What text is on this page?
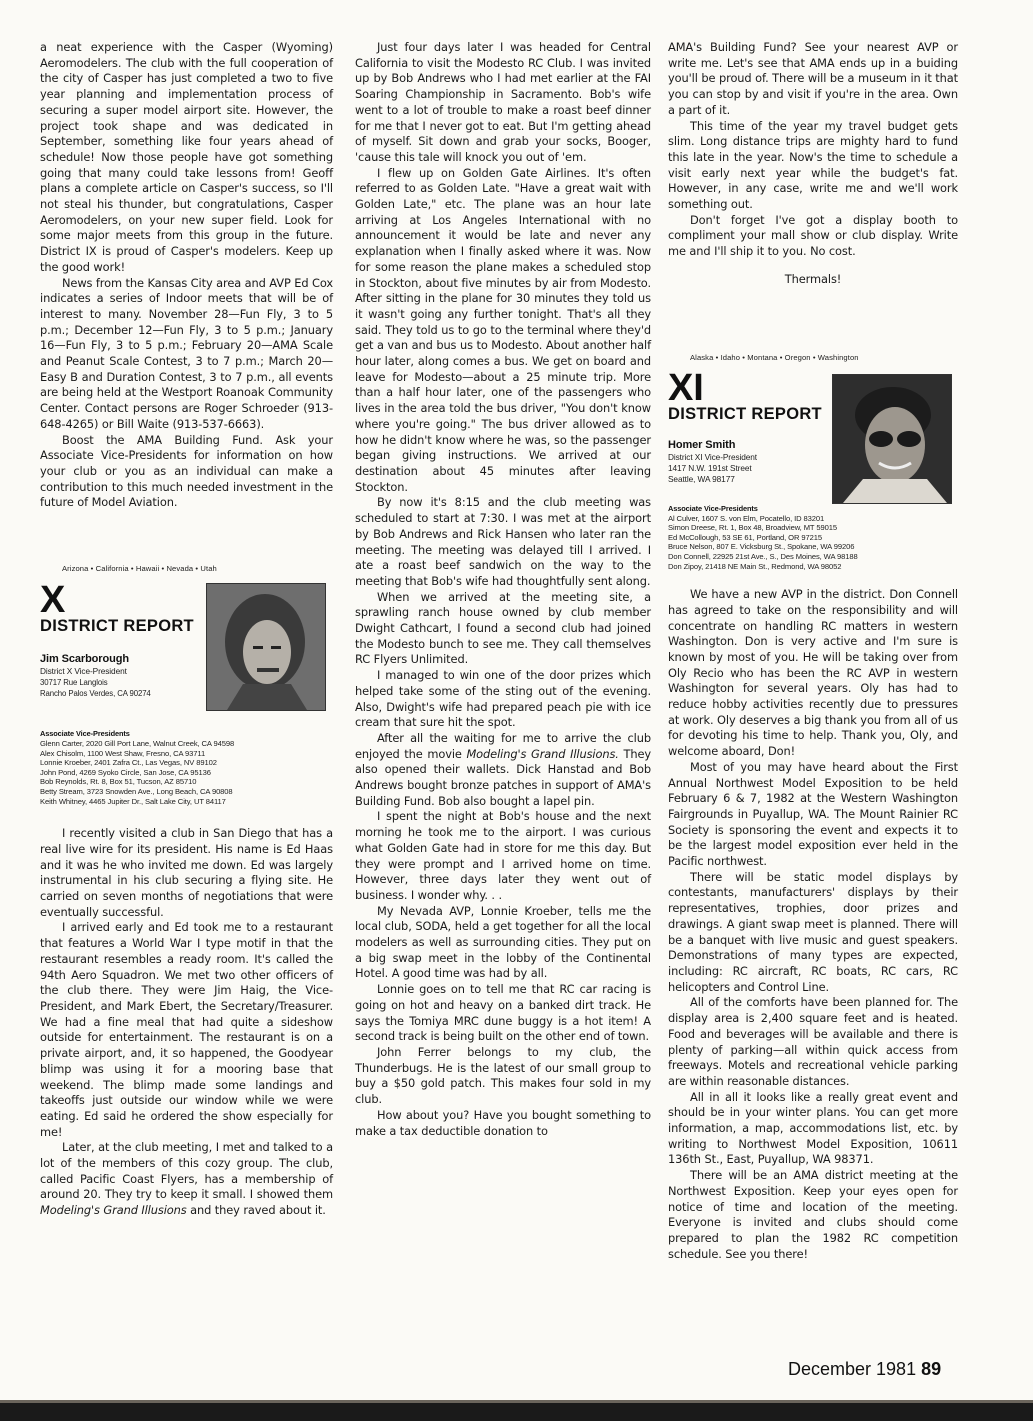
a neat experience with the Casper (Wyoming) Aeromodelers. The club with the full cooperation of the city of Casper has just completed a two to five year planning and implementation process of securing a super model airport site. However, the project took shape and was dedicated in September, something like four years ahead of schedule! Now those people have got something going that many could take lessons from! Geoff plans a complete article on Casper's success, so I'll not steal his thunder, but congratulations, Casper Aeromodelers, on your new super field. Look for some major meets from this group in the future. District IX is proud of Casper's modelers. Keep up the good work!

News from the Kansas City area and AVP Ed Cox indicates a series of Indoor meets that will be of interest to many. November 28—Fun Fly, 3 to 5 p.m.; December 12—Fun Fly, 3 to 5 p.m.; January 16—Fun Fly, 3 to 5 p.m.; February 20—AMA Scale and Peanut Scale Contest, 3 to 7 p.m.; March 20—Easy B and Duration Contest, 3 to 7 p.m., all events are being held at the Westport Roanoak Community Center. Contact persons are Roger Schroeder (913-648-4265) or Bill Waite (913-537-6663).

Boost the AMA Building Fund. Ask your Associate Vice-Presidents for information on how your club or you as an individual can make a contribution to this much needed investment in the future of Model Aviation.

Arizona • California • Hawaii • Nevada • Utah

X
DISTRICT REPORT
Jim Scarborough
District X Vice-President
30717 Rue Langlois
Rancho Palos Verdes, CA 90274
Associate Vice-Presidents
Glenn Carter, 2020 Gill Port Lane, Walnut Creek, CA 94598
Alex Chisolm, 1100 West Shaw, Fresno, CA 93711
Lonnie Kroeber, 2401 Zafra Ct., Las Vegas, NV 89102
John Pond, 4269 Syoko Circle, San Jose, CA 95136
Bob Reynolds, Rt. 8, Box 51, Tucson, AZ 85710
Betty Stream, 3723 Snowden Ave., Long Beach, CA 90808
Keith Whitney, 4465 Jupiter Dr., Salt Lake City, UT 84117

I recently visited a club in San Diego that has a real live wire for its president. His name is Ed Haas and it was he who invited me down. Ed was largely instrumental in his club securing a flying site. He carried on seven months of negotiations that were eventually successful.

I arrived early and Ed took me to a restaurant that features a World War I type motif in that the restaurant resembles a ready room. It's called the 94th Aero Squadron. We met two other officers of the club there. They were Jim Haig, the Vice-President, and Mark Ebert, the Secretary/Treasurer. We had a fine meal that had quite a sideshow outside for entertainment. The restaurant is on a private airport, and, it so happened, the Goodyear blimp was using it for a mooring base that weekend. The blimp made some landings and takeoffs just outside our window while we were eating. Ed said he ordered the show especially for me!

Later, at the club meeting, I met and talked to a lot of the members of this cozy group. The club, called Pacific Coast Flyers, has a membership of around 20. They try to keep it small. I showed them Modeling's Grand Illusions and they raved about it.

Just four days later I was headed for Central California to visit the Modesto RC Club. I was invited up by Bob Andrews who I had met earlier at the FAI Soaring Championship in Sacramento. Bob's wife went to a lot of trouble to make a roast beef dinner for me that I never got to eat. But I'm getting ahead of myself. Sit down and grab your socks, Booger, 'cause this tale will knock you out of 'em.

I flew up on Golden Gate Airlines. It's often referred to as Golden Late. "Have a great wait with Golden Late," etc. The plane was an hour late arriving at Los Angeles International with no announcement it would be late and never any explanation when I finally asked where it was. Now for some reason the plane makes a scheduled stop in Stockton, about five minutes by air from Modesto. After sitting in the plane for 30 minutes they told us it wasn't going any further tonight. That's all they said. They told us to go to the terminal where they'd get a van and bus us to Modesto. About another half hour later, along comes a bus. We get on board and leave for Modesto—about a 25 minute trip. More than a half hour later, one of the passengers who lives in the area told the bus driver, "You don't know where you're going." The bus driver allowed as to how he didn't know where he was, so the passenger began giving instructions. We arrived at our destination about 45 minutes after leaving Stockton.

By now it's 8:15 and the club meeting was scheduled to start at 7:30. I was met at the airport by Bob Andrews and Rick Hansen who later ran the meeting. The meeting was delayed till I arrived. I ate a roast beef sandwich on the way to the meeting that Bob's wife had thoughtfully sent along.

When we arrived at the meeting site, a sprawling ranch house owned by club member Dwight Cathcart, I found a second club had joined the Modesto bunch to see me. They call themselves RC Flyers Unlimited.

I managed to win one of the door prizes which helped take some of the sting out of the evening. Also, Dwight's wife had prepared peach pie with ice cream that sure hit the spot.

After all the waiting for me to arrive the club enjoyed the movie Modeling's Grand Illusions. They also opened their wallets. Dick Hanstad and Bob Andrews bought bronze patches in support of AMA's Building Fund. Bob also bought a lapel pin.

I spent the night at Bob's house and the next morning he took me to the airport. I was curious what Golden Gate had in store for me this day. But they were prompt and I arrived home on time. However, three days later they went out of business. I wonder why. . .

My Nevada AVP, Lonnie Kroeber, tells me the local club, SODA, held a get together for all the local modelers as well as surrounding cities. They put on a big swap meet in the lobby of the Continental Hotel. A good time was had by all.

Lonnie goes on to tell me that RC car racing is going on hot and heavy on a banked dirt track. He says the Tomiya MRC dune buggy is a hot item! A second track is being built on the other end of town.

John Ferrer belongs to my club, the Thunderbugs. He is the latest of our small group to buy a $50 gold patch. This makes four sold in my club.

How about you? Have you bought something to make a tax deductible donation to

AMA's Building Fund? See your nearest AVP or write me. Let's see that AMA ends up in a buiding you'll be proud of. There will be a museum in it that you can stop by and visit if you're in the area. Own a part of it.

This time of the year my travel budget gets slim. Long distance trips are mighty hard to fund this late in the year. Now's the time to schedule a visit early next year while the budget's fat. However, in any case, write me and we'll work something out.

Don't forget I've got a display booth to compliment your mall show or club display. Write me and I'll ship it to you. No cost.

Thermals!

Alaska • Idaho • Montana • Oregon • Washington

XI
DISTRICT REPORT
Homer Smith
District XI Vice-President
1417 N.W. 191st Street
Seattle, WA 98177
Associate Vice-Presidents
Al Culver, 1607 S. von Elm, Pocatello, ID 83201
Simon Dreese, Rt. 1, Box 48, Broadview, MT 59015
Ed McCollough, 53 SE 61, Portland, OR 97215
Bruce Nelson, 807 E. Vicksburg St., Spokane, WA 99206
Don Connell, 22925 21st Ave., S., Des Moines, WA 98188
Don Zipoy, 21418 NE Main St., Redmond, WA 98052

We have a new AVP in the district. Don Connell has agreed to take on the responsibility and will concentrate on handling RC matters in western Washington. Don is very active and I'm sure is known by most of you. He will be taking over from Oly Recio who has been the RC AVP in western Washington for several years. Oly has had to reduce hobby activities recently due to pressures at work. Oly deserves a big thank you from all of us for devoting his time to help. Thank you, Oly, and welcome aboard, Don!

Most of you may have heard about the First Annual Northwest Model Exposition to be held February 6 & 7, 1982 at the Western Washington Fairgrounds in Puyallup, WA. The Mount Rainier RC Society is sponsoring the event and expects it to be the largest model exposition ever held in the Pacific northwest.

There will be static model displays by contestants, manufacturers' displays by their representatives, trophies, door prizes and drawings. A giant swap meet is planned. There will be a banquet with live music and guest speakers. Demonstrations of many types are expected, including: RC aircraft, RC boats, RC cars, RC helicopters and Control Line.

All of the comforts have been planned for. The display area is 2,400 square feet and is heated. Food and beverages will be available and there is plenty of parking—all within quick access from freeways. Motels and recreational vehicle parking are within reasonable distances.

All in all it looks like a really great event and should be in your winter plans. You can get more information, a map, accommodations list, etc. by writing to Northwest Model Exposition, 10611 136th St., East, Puyallup, WA 98371.

There will be an AMA district meeting at the Northwest Exposition. Keep your eyes open for notice of time and location of the meeting. Everyone is invited and clubs should come prepared to plan the 1982 RC competition schedule. See you there!

December 1981 89
